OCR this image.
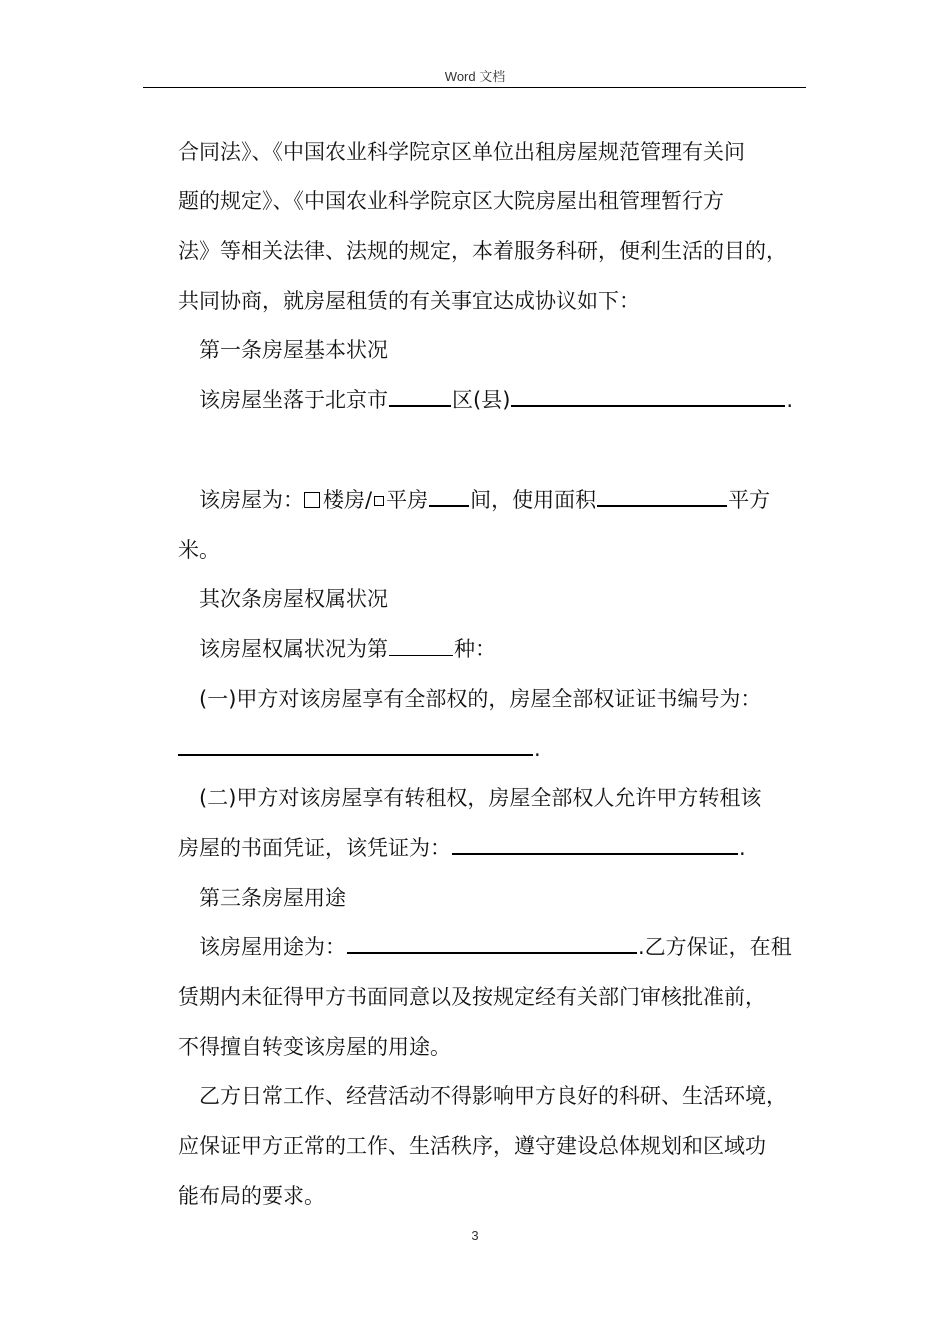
Word 文档
合同法》、《中国农业科学院京区单位出租房屋规范管理有关问
题的规定》、《中国农业科学院京区大院房屋出租管理暂行方
法》等相关法律、法规的规定，本着服务科研，便利生活的目的，
共同协商，就房屋租赁的有关事宜达成协议如下：
第一条房屋基本状况
该房屋坐落于北京市	区(县)	.
该房屋为： 楼房/ 平房 间，使用面积	平方
米。
其次条房屋权属状况
该房屋权属状况为第	种：
(一)甲方对该房屋享有全部权的，房屋全部权证证书编号为：
.
(二)甲方对该房屋享有转租权，房屋全部权人允许甲方转租该
房屋的书面凭证，该凭证为：	.
第三条房屋用途
该房屋用途为：	.乙方保证，在租
赁期内未征得甲方书面同意以及按规定经有关部门审核批准前，
不得擅自转变该房屋的用途。
乙方日常工作、经营活动不得影响甲方良好的科研、生活环境，
应保证甲方正常的工作、生活秩序，遵守建设总体规划和区域功
能布局的要求。
3
